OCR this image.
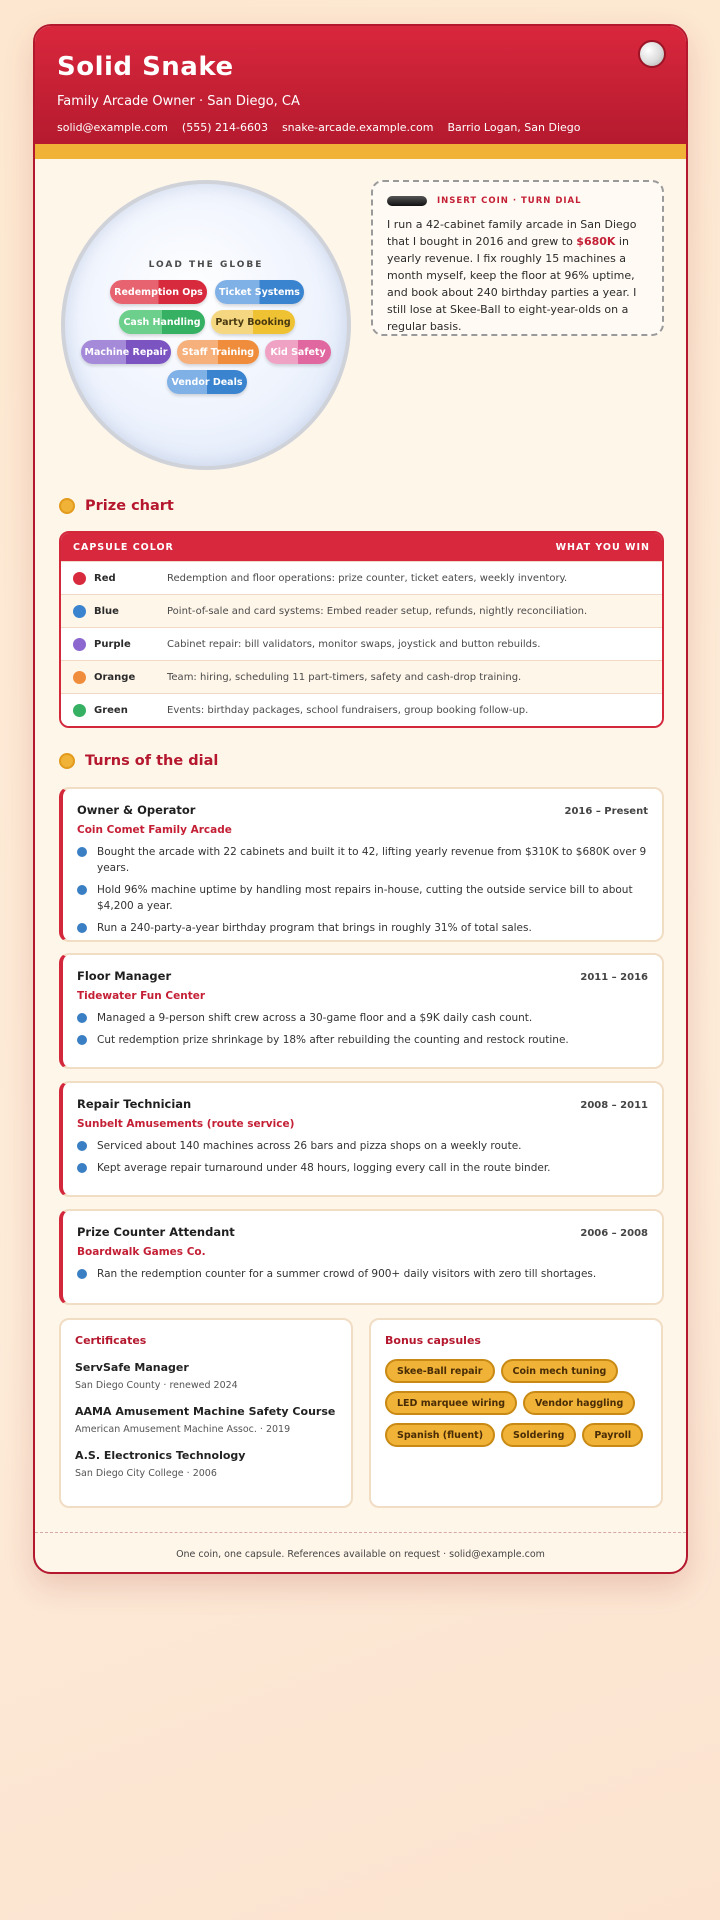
Solid Snake
Family Arcade Owner · San Diego, CA
solid@example.com (555) 214-6603 snake-arcade.example.com Barrio Logan, San Diego
LOAD THE GLOBE
Redemption Ops	Ticket Systems
Cash Handling	Party Booking
Machine Repair	Staff Training	Kid Safety
Vendor Deals
INSERT COIN · TURN DIAL

I run a 42-cabinet family arcade in San Diego that I bought in 2016 and grew to $680K in yearly revenue. I fix roughly 15 machines a month myself, keep the floor at 96% uptime, and book about 240 birthday parties a year. I still lose at Skee-Ball to eight-year-olds on a regular basis.

Prize chart
CAPSULE COLOR	WHAT YOU WIN
Red	Redemption and floor operations: prize counter, ticket eaters, weekly inventory.
Blue	Point-of-sale and card systems: Embed reader setup, refunds, nightly reconciliation.
Purple	Cabinet repair: bill validators, monitor swaps, joystick and button rebuilds.
Orange	Team: hiring, scheduling 11 part-timers, safety and cash-drop training.
Green	Events: birthday packages, school fundraisers, group booking follow-up.
Turns of the dial
Owner & Operator	2016 – Present
Coin Comet Family Arcade
Bought the arcade with 22 cabinets and built it to 42, lifting yearly revenue from $310K to $680K over 9 years.
Hold 96% machine uptime by handling most repairs in-house, cutting the outside service bill to about $4,200 a year.
Run a 240-party-a-year birthday program that brings in roughly 31% of total sales.
Floor Manager	2011 – 2016
Tidewater Fun Center
Managed a 9-person shift crew across a 30-game floor and a $9K daily cash count.
Cut redemption prize shrinkage by 18% after rebuilding the counting and restock routine.
Repair Technician	2008 – 2011
Sunbelt Amusements (route service)
Serviced about 140 machines across 26 bars and pizza shops on a weekly route.
Kept average repair turnaround under 48 hours, logging every call in the route binder.
Prize Counter Attendant	2006 – 2008
Boardwalk Games Co.
Ran the redemption counter for a summer crowd of 900+ daily visitors with zero till shortages.
Certificates
ServSafe Manager
San Diego County · renewed 2024
AAMA Amusement Machine Safety Course
American Amusement Machine Assoc. · 2019
A.S. Electronics Technology
San Diego City College · 2006
Bonus capsules
Skee-Ball repair	Coin mech tuning
LED marquee wiring	Vendor haggling
Spanish (fluent)	Soldering	Payroll
One coin, one capsule. References available on request · solid@example.com
